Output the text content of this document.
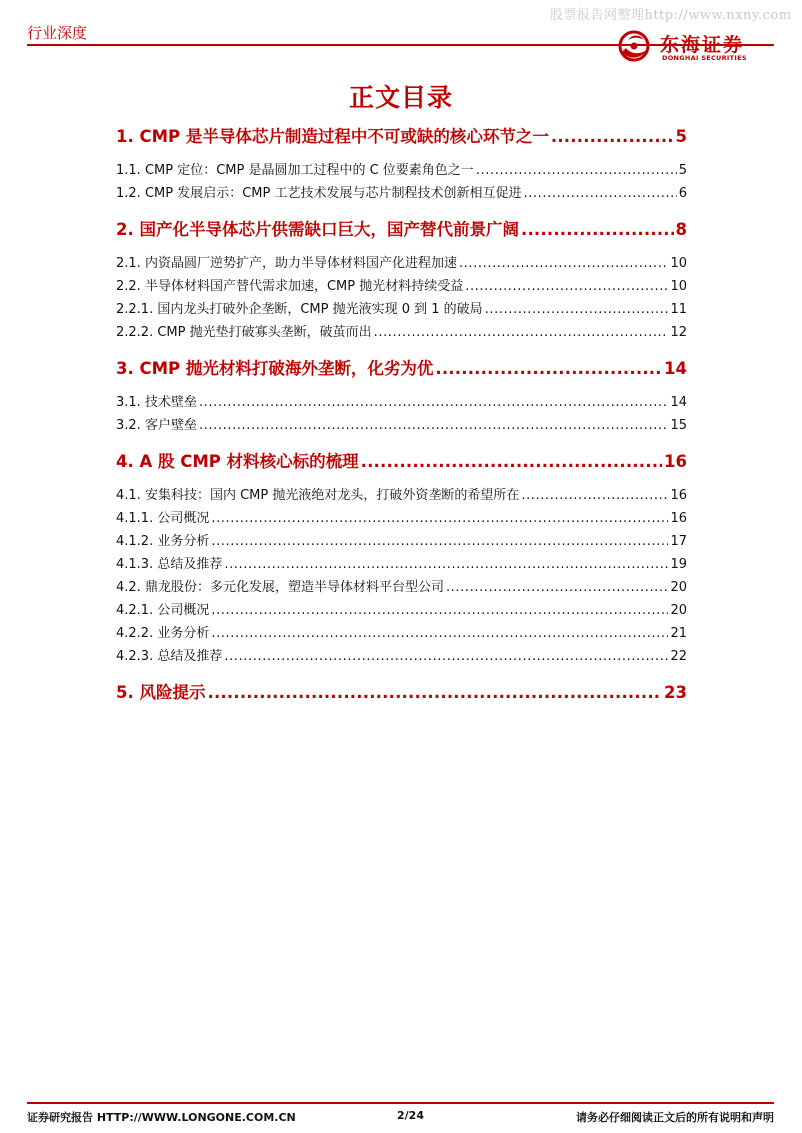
股票报告网整理http://www.nxny.com
行业深度
东海证券
DONGHAI SECURITIES
正文目录
1. CMP 是半导体芯片制造过程中不可或缺的核心环节之一 .....	5
1.1. CMP 定位：CMP 是晶圆加工过程中的 C 位要素角色之一 .....	5
1.2. CMP 发展启示：CMP 工艺技术发展与芯片制程技术创新相互促进 .....	6
2. 国产化半导体芯片供需缺口巨大，国产替代前景广阔 .....	8
2.1. 内资晶圆厂逆势扩产，助力半导体材料国产化进程加速 .....	10
2.2. 半导体材料国产替代需求加速，CMP 抛光材料持续受益 .....	10
2.2.1. 国内龙头打破外企垄断，CMP 抛光液实现 0 到 1 的破局 .....	11
2.2.2. CMP 抛光垫打破寡头垄断，破茧而出 .....	12
3. CMP 抛光材料打破海外垄断，化劣为优 .....	14
3.1. 技术壁垒 .....	14
3.2. 客户壁垒 .....	15
4. A 股 CMP 材料核心标的梳理 .....	16
4.1. 安集科技：国内 CMP 抛光液绝对龙头，打破外资垄断的希望所在 .....	16
4.1.1. 公司概况 .....	16
4.1.2. 业务分析 .....	17
4.1.3. 总结及推荐 .....	19
4.2. 鼎龙股份：多元化发展，塑造半导体材料平台型公司 .....	20
4.2.1. 公司概况 .....	20
4.2.2. 业务分析 .....	21
4.2.3. 总结及推荐 .....	22
5. 风险提示 .....	23
证券研究报告 HTTP://WWW.LONGONE.COM.CN	2/24	请务必仔细阅读正文后的所有说明和声明
